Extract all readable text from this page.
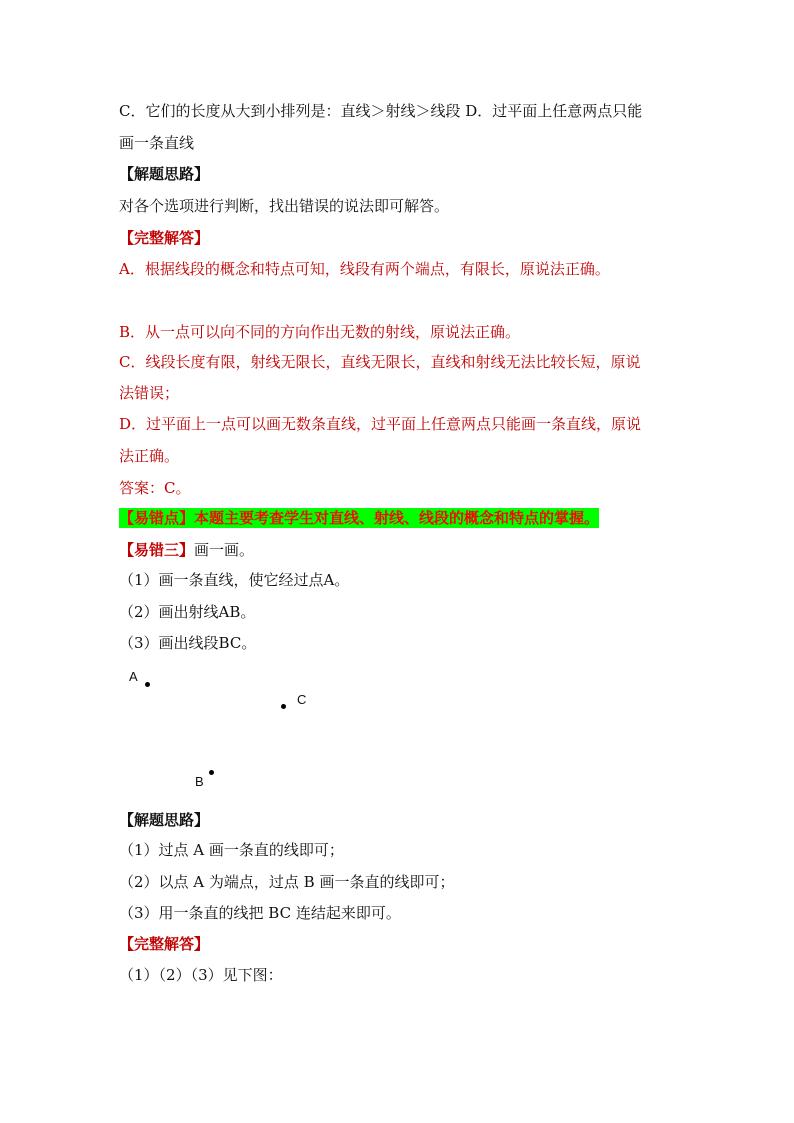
C．它们的长度从大到小排列是：直线＞射线＞线段 D．过平面上任意两点只能
画一条直线
【解题思路】
对各个选项进行判断，找出错误的说法即可解答。
【完整解答】
A．根据线段的概念和特点可知，线段有两个端点，有限长，原说法正确。
B．从一点可以向不同的方向作出无数的射线，原说法正确。
C．线段长度有限，射线无限长，直线无限长，直线和射线无法比较长短，原说
法错误；
D．过平面上一点可以画无数条直线，过平面上任意两点只能画一条直线，原说
法正确。
答案：C。
【易错点】本题主要考查学生对直线、射线、线段的概念和特点的掌握。
【易错三】画一画。
（1）画一条直线，使它经过点A。
（2）画出射线AB。
（3）画出线段BC。
A
C
B
【解题思路】
（1）过点 A 画一条直的线即可；
（2）以点 A 为端点，过点 B 画一条直的线即可；
（3）用一条直的线把 BC 连结起来即可。
【完整解答】
（1）（2）（3）见下图：
